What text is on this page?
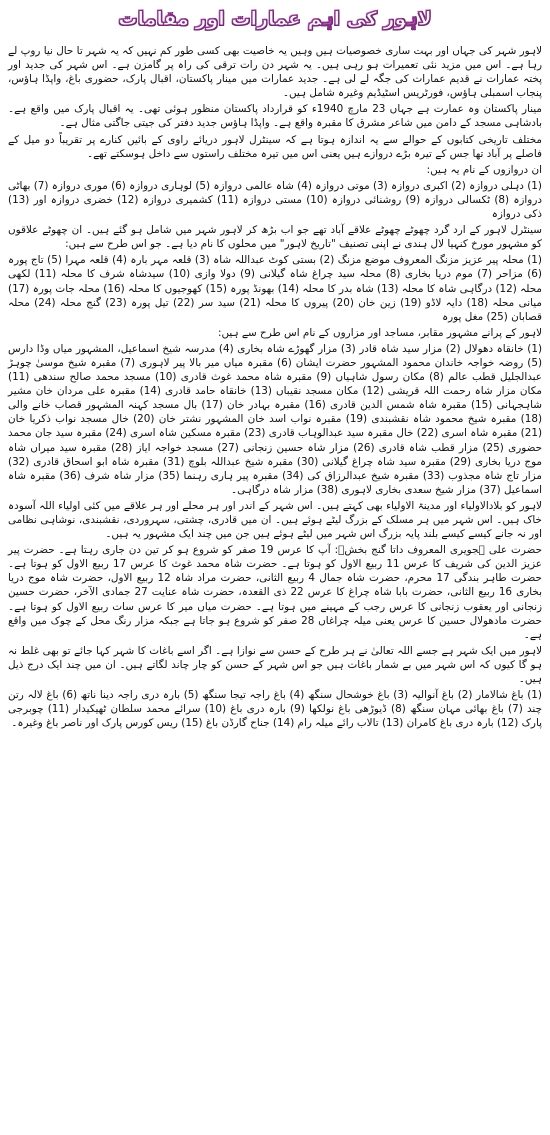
لاہور کی اہم عمارات اور مقامات

لاہور شہر کی جہاں اور بہت ساری خصوصیات ہیں وہیں یہ خاصیت بھی کسی طور کم نہیں کہ یہ شہر تا حال نیا روپ لے رہا ہے۔ اس میں مزید نئی تعمیرات ہو رہی ہیں۔ یہ شہر دن رات ترقی کی راہ پر گامزن ہے۔ اس شہر کی جدید اور پختہ عمارات نے قدیم عمارات کی جگہ لے لی ہے۔ جدید عمارات میں مینار پاکستان، اقبال پارک، حضوری باغ، واپڈا ہاؤس، پنجاب اسمبلی ہاؤس، فورٹریس اسٹیڈیم وغیرہ شامل ہیں۔

مینار پاکستان وہ عمارت ہے جہاں 23 مارچ 1940ء کو قرارداد پاکستان منظور ہوئی تھی۔ یہ اقبال پارک میں واقع ہے۔ بادشاہی مسجد کے دامن میں شاعر مشرق کا مقبرہ واقع ہے۔ واپڈا ہاؤس جدید دفتر کی جیتی جاگتی مثال ہے۔

مختلف تاریخی کتابوں کے حوالے سے یہ اندازہ ہوتا ہے کہ سینٹرل لاہور دریائے راوی کے بائیں کنارے پر تقریباً دو میل کے فاصلے پر آباد تھا جس کے تیرہ بڑے دروازے ہیں یعنی اس میں تیرہ مختلف راستوں سے داخل ہوسکتے تھے۔

ان دروازوں کے نام یہ ہیں:

(1) دہلی دروازہ (2) اکبری دروازہ (3) موتی دروازہ (4) شاہ عالمی دروازہ (5) لوہاری دروازہ (6) موری دروازہ (7) بھاٹی دروازہ (8) ٹکسالی دروازہ (9) روشنائی دروازہ (10) مستی دروازہ (11) کشمیری دروازہ (12) خضری دروازہ اور (13) ذکی دروازہ

سینٹرل لاہور کے ارد گرد چھوٹے چھوٹے علاقے آباد تھے جو اب بڑھ کر لاہور شہر میں شامل ہو گئے ہیں۔ ان چھوٹے علاقوں کو مشہور مورخ کنہیا لال ہندی نے اپنی تصنیف "تاریخ لاہور" میں محلوں کا نام دیا ہے۔ جو اس طرح سے ہیں:

(1) محلہ پیر عزیز مزنگ المعروف موضع مزنگ (2) بستی کوٹ عبداللہ شاہ (3) قلعہ مہر بارہ (4) قلعہ مہرا (5) تاج پورہ (6) مزاحر (7) موم دریا بخاری (8) محلہ سید چراغ شاہ گیلانی (9) دولا وازی (10) سیدشاہ شرف کا محلہ (11) لکھی محلہ (12) درگاہی شاہ کا محلہ (13) شاہ بدر کا محلہ (14) بھونڈ پورہ (15) کھوجیوں کا محلہ (16) محلہ جات پورہ (17) میانی محلہ (18) دایہ لاڈو (19) زین خان (20) پیروں کا محلہ (21) سید سر (22) تیل پورہ (23) گنج محلہ (24) محلہ قصابان (25) مغل پورہ

لاہور کے پرانے مشہور مقابر، مساجد اور مزاروں کے نام اس طرح سے ہیں:

(1) خانقاہ دھولال (2) مزار سید شاہ قادر (3) مزار گھوڑے شاہ بخاری (4) مدرسہ شیخ اسماعیل، المشہور میاں وڈا دارس (5) روضہ خواجہ خاندان محمود المشہور حضرت ایشان (6) مقبرہ میاں میر بالا پیر لاہوری (7) مقبرہ شیخ موسیٰ چوہڑ عبدالجلیل قطب عالم (8) مکان رسول شاہیاں (9) مقبرہ شاہ محمد غوث قادری (10) مسجد محمد صالح سندھی (11) مکان مزار شاہ رحمت اللہ قریشی (12) مکان مسجد نقیباں (13) خانقاہ حامد قادری (14) مقبرہ علی مردان خان مشیر شاہجہانی (15) مقبرہ شاہ شمس الدین قادری (16) مقبرہ بہادر خان (17) بال مسجد کہنہ المشہور قصاب خانے والی (18) مقبرہ شیخ محمود شاہ نقشبندی (19) مقبرہ نواب اسد خان المشہور نشتر خان (20) خال مسجد نواب ذکریا خان (21) مقبرہ شاہ اسری (22) خال مقبرہ سید عبدالوہاب قادری (23) مقبرہ مسکین شاہ اسری (24) مقبرہ سید جان محمد حضوری (25) مزار قطب شاہ قادری (26) مزار شاہ حسین زنجانی (27) مسجد خواجہ ایاز (28) مقبرہ سید میراں شاہ موج دریا بخاری (29) مقبرہ سید شاہ چراغ گیلانی (30) مقبرہ شیخ عبداللہ بلوچ (31) مقبرہ شاہ ابو اسحاق قادری (32) مزار تاج شاہ مجذوب (33) مقبرہ شیخ عبدالرزاق کی (34) مقبرہ پیر ہاری رہنما (35) مزار شاہ شرف (36) مقبرہ شاہ اسماعیل (37) مزار شیخ سعدی بخاری لاہوری (38) مزار شاہ درگاہی۔

لاہور کو بلادالاولیاء اور مدینۃ الاولیاء بھی کہتے ہیں۔ اس شہر کے اندر اور ہر محلے اور ہر علاقے میں کئی اولیاء اللہ آسودہ خاک ہیں۔ اس شہر میں ہر مسلک کے بزرگ لیٹے ہوئے ہیں۔ ان میں قادری، چشتی، سہروردی، نقشبندی، نوشاہی نظامی اور نہ جانے کیسے کیسے بلند پایہ بزرگ اس شہر میں لیٹے ہوئے ہیں جن میں چند ایک مشہور یہ ہیں۔

حضرت علی ہجویری المعروف داتا گنج بخشؒ: آپ کا عرس 19 صفر کو شروع ہو کر تین دن جاری رہتا ہے۔ حضرت پیر عزیز الدین کی شریف کا عرس 11 ربیع الاول کو ہوتا ہے۔ حضرت شاہ محمد غوث کا عرس 17 ربیع الاول کو ہوتا ہے۔ حضرت طاہر بندگی 17 محرم، حضرت شاہ جمال 4 ربیع الثانی، حضرت مراد شاہ 12 ربیع الاول، حضرت شاہ موج دریا بخاری 16 ربیع الثانی، حضرت بابا شاہ چراغ کا عرس 22 ذی القعدہ، حضرت شاہ عنایت 27 جمادی الآخر، حضرت حسین زنجانی اور یعقوب زنجانی کا عرس رجب کے مہینے میں ہوتا ہے۔ حضرت میاں میر کا عرس سات ربیع الاول کو ہوتا ہے۔ حضرت مادھولال حسین کا عرس یعنی میلہ چراغاں 28 صفر کو شروع ہو جاتا ہے جبکہ مزار رنگ محل کے چوک میں واقع ہے۔

لاہور میں ایک شہر ہے جسے اللہ تعالیٰ نے ہر طرح کے حسن سے نوازا ہے۔ اگر اسے باغات کا شہر کہا جائے تو بھی غلط نہ ہو گا کیوں کہ اس شہر میں بے شمار باغات ہیں جو اس شہر کے حسن کو چار چاند لگاتے ہیں۔ ان میں چند ایک درج ذیل ہیں۔

(1) باغ شالامار (2) باغ آنوالیہ (3) باغ خوشحال سنگھ (4) باغ راجہ تیجا سنگھ (5) بارہ دری راجہ دینا ناتھ (6) باغ لالہ رتن چند (7) باغ بھائی مہان سنگھ (8) ڈیوڑھی باغ نولکھا (9) بارہ دری باغ (10) سرائے محمد سلطان ٹھیکیدار (11) چوبرجی پارک (12) بارہ دری باغ کامران (13) تالاب رائے میلہ رام (14) جناح گارڈن باغ (15) ریس کورس پارک اور ناصر باغ وغیرہ۔
